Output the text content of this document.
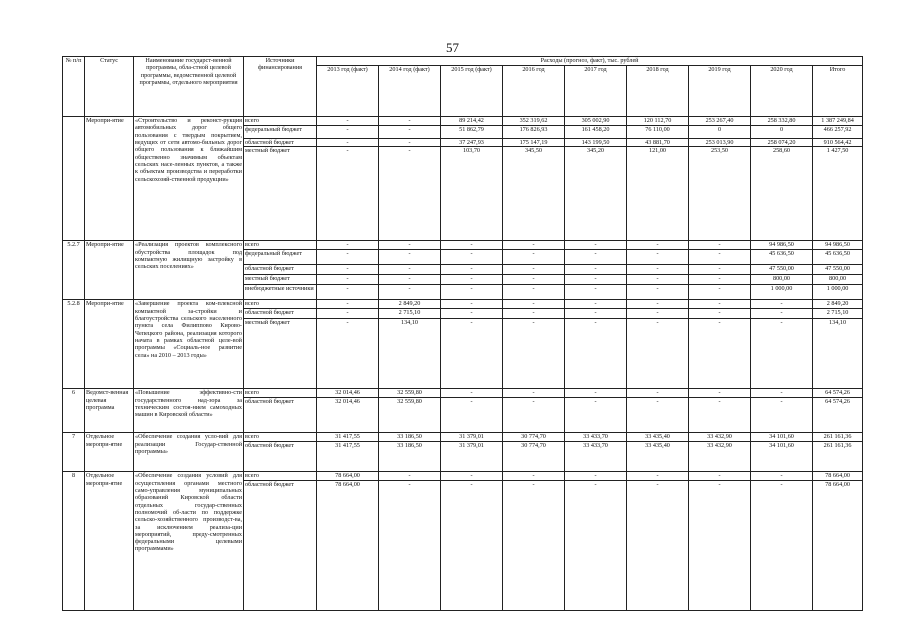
57
№ п/п	Статус	Наименование государст-венной программы, обла-стной целевой программы, ведомственной целевой программы, отдельного мероприятия	Источники финансирования	Расходы (прогноз, факт), тыс. рублей								
				2013 год (факт)	2014 год (факт)	2015 год (факт)	2016 год	2017 год	2018 год	2019 год	2020 год	Итого
	Меропри-ятие	«Строительство и реконст-рукция автомобильных дорог общего пользования с твердым покрытием, ведущих от сети автомо-бильных дорог общего пользования к ближайшим общественно значимым объектам сельских насе-ленных пунктов, а также к объектам производства и переработки сельскохозяй-ственной продукции»	всего	-	-	89 214,42	352 319,62	305 002,90	120 112,70	253 267,40	258 332,80	1 387 249,84
			федеральный бюджет	-	-	51 862,79	176 826,93	161 458,20	76 110,00	0	0	466 257,92
			областной бюджет	-	-	37 247,93	175 147,19	143 199,50	43 881,70	253 013,90	258 074,20	910 564,42
			местный бюджет	-	-	103,70	345,50	345,20	121,00	253,50	258,60	1 427,50
5.2.7	Меропри-ятие	«Реализация проектов комплексного обустройства площадок под компактную жилищную застройку в сельских поселениях»	всего	-	-	-	-	-	-	-	94 986,50	94 986,50
			федеральный бюджет	-	-	-	-	-	-	-	45 636,50	45 636,50
			областной бюджет	-	-	-	-	-	-	-	47 550,00	47 550,00
			местный бюджет	-	-	-	-	-	-	-	800,00	800,00
			внебюджетные источники	-	-	-	-	-	-	-	1 000,00	1 000,00
5.2.8	Меропри-ятие	«Завершение проекта ком-плексной компактной за-стройки и благоустройства сельского населенного пункта села Филиппово Кирово-Чепецкого района, реализация которого начата в рамках областной целе-вой программы «Социаль-ное развитие села» на 2010 – 2013 годы»	всего	-	2 849,20	-	-	-	-	-	-	2 849,20
			областной бюджет	-	2 715,10	-	-	-	-	-	-	2 715,10
			местный бюджет	-	134,10	-	-	-	-	-	-	134,10
6	Ведомст-венная целевая программа	«Повышение эффективно-сти государственного над-зора за техническим состоя-нием самоходных машин в Кировской области»	всего	32 014,46	32 559,80	-	-	-	-	-	-	64 574,26
			областной бюджет	32 014,46	32 559,80	-	-	-	-	-	-	64 574,26
7	Отдельное меропри-ятие	«Обеспечение создания усло-вий для реализации Государ-ственной программы»	всего	31 417,55	33 186,50	31 379,01	30 774,70	33 433,70	33 435,40	33 432,90	34 101,60	261 161,36
			областной бюджет	31 417,55	33 186,50	31 379,01	30 774,70	33 433,70	33 435,40	33 432,90	34 101,60	261 161,36
8	Отдельное меропри-ятие	«Обеспечение создания условий для осуществления органами местного само-управления муниципальных образований Кировской области отдельных государ-ственных полномочий об-ласти по поддержке сельско-хозяйственного производст-ва, за исключением реализа-ции мероприятий, преду-смотренных федеральными целевыми программами»	всего	78 664,00	-	-	-	-	-	-	-	78 664,00
			областной бюджет	78 664,00	-	-	-	-	-	-	-	78 664,00
